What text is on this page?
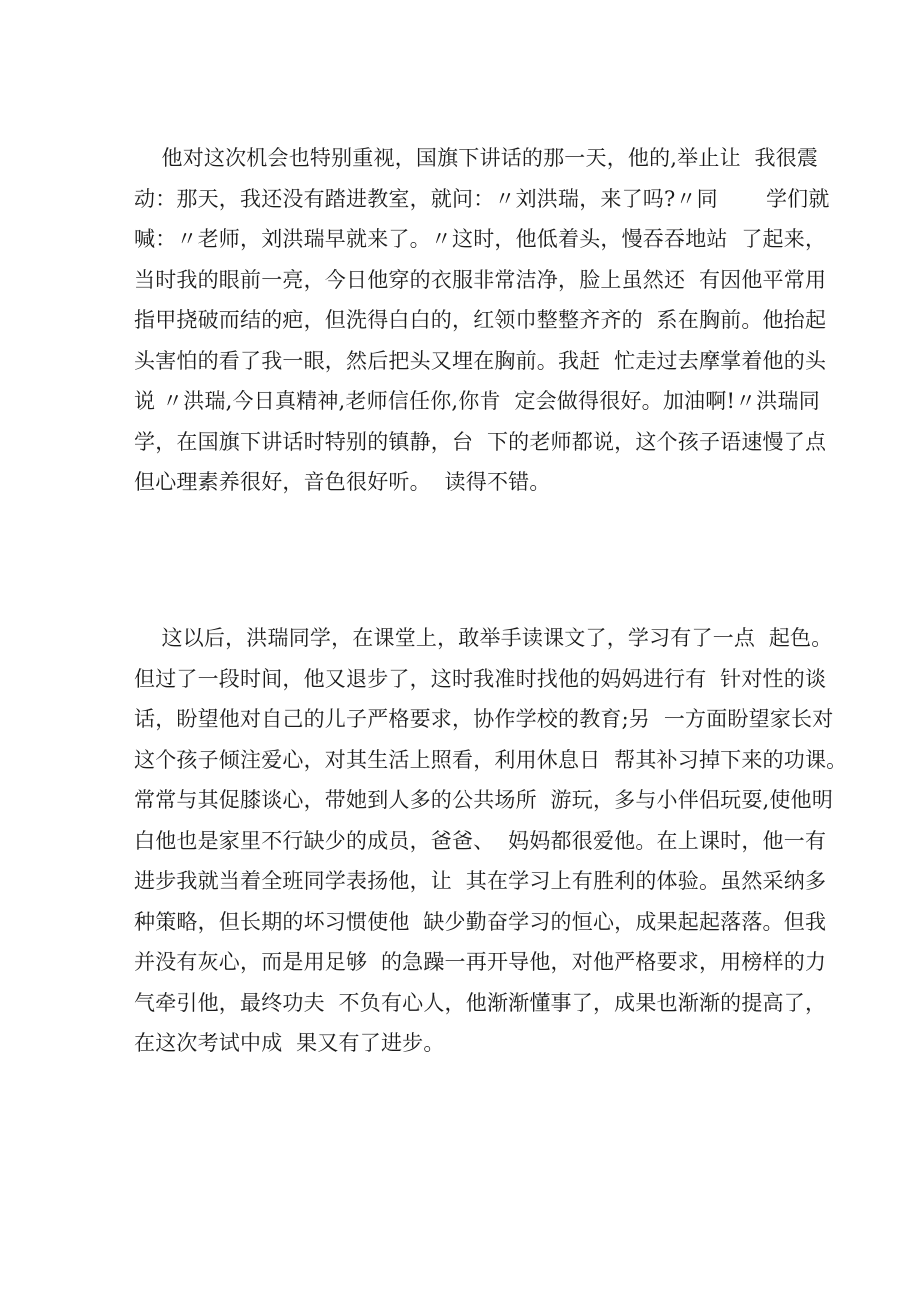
他对这次机会也特别重视，国旗下讲话的那一天，他的,举止让  我很震
动：那天，我还没有踏进教室，就问：〃刘洪瑞，来了吗?〃同       学们就
喊：〃老师，刘洪瑞早就来了。〃这时，他低着头，慢吞吞地站  了起来，
当时我的眼前一亮，今日他穿的衣服非常洁净，脸上虽然还  有因他平常用
指甲挠破而结的疤，但洗得白白的，红领巾整整齐齐的  系在胸前。他抬起
头害怕的看了我一眼，然后把头又埋在胸前。我赶  忙走过去摩掌着他的头
说 〃洪瑞,今日真精神,老师信任你,你肯  定会做得很好。加油啊!〃洪瑞同
学，在国旗下讲话时特别的镇静，台  下的老师都说，这个孩子语速慢了点
但心理素养很好，音色很好听。  读得不错。
这以后，洪瑞同学，在课堂上，敢举手读课文了，学习有了一点  起色。
但过了一段时间，他又退步了，这时我准时找他的妈妈进行有  针对性的谈
话，盼望他对自己的儿子严格要求，协作学校的教育;另  一方面盼望家长对
这个孩子倾注爱心，对其生活上照看，利用休息日  帮其补习掉下来的功课。
常常与其促膝谈心，带她到人多的公共场所  游玩，多与小伴侣玩耍,使他明
白他也是家里不行缺少的成员，爸爸、  妈妈都很爱他。在上课时，他一有
进步我就当着全班同学表扬他，让  其在学习上有胜利的体验。虽然采纳多
种策略，但长期的坏习惯使他  缺少勤奋学习的恒心，成果起起落落。但我
并没有灰心，而是用足够  的急躁一再开导他，对他严格要求，用榜样的力
气牵引他，最终功夫  不负有心人，他渐渐懂事了，成果也渐渐的提高了，
在这次考试中成  果又有了进步。
